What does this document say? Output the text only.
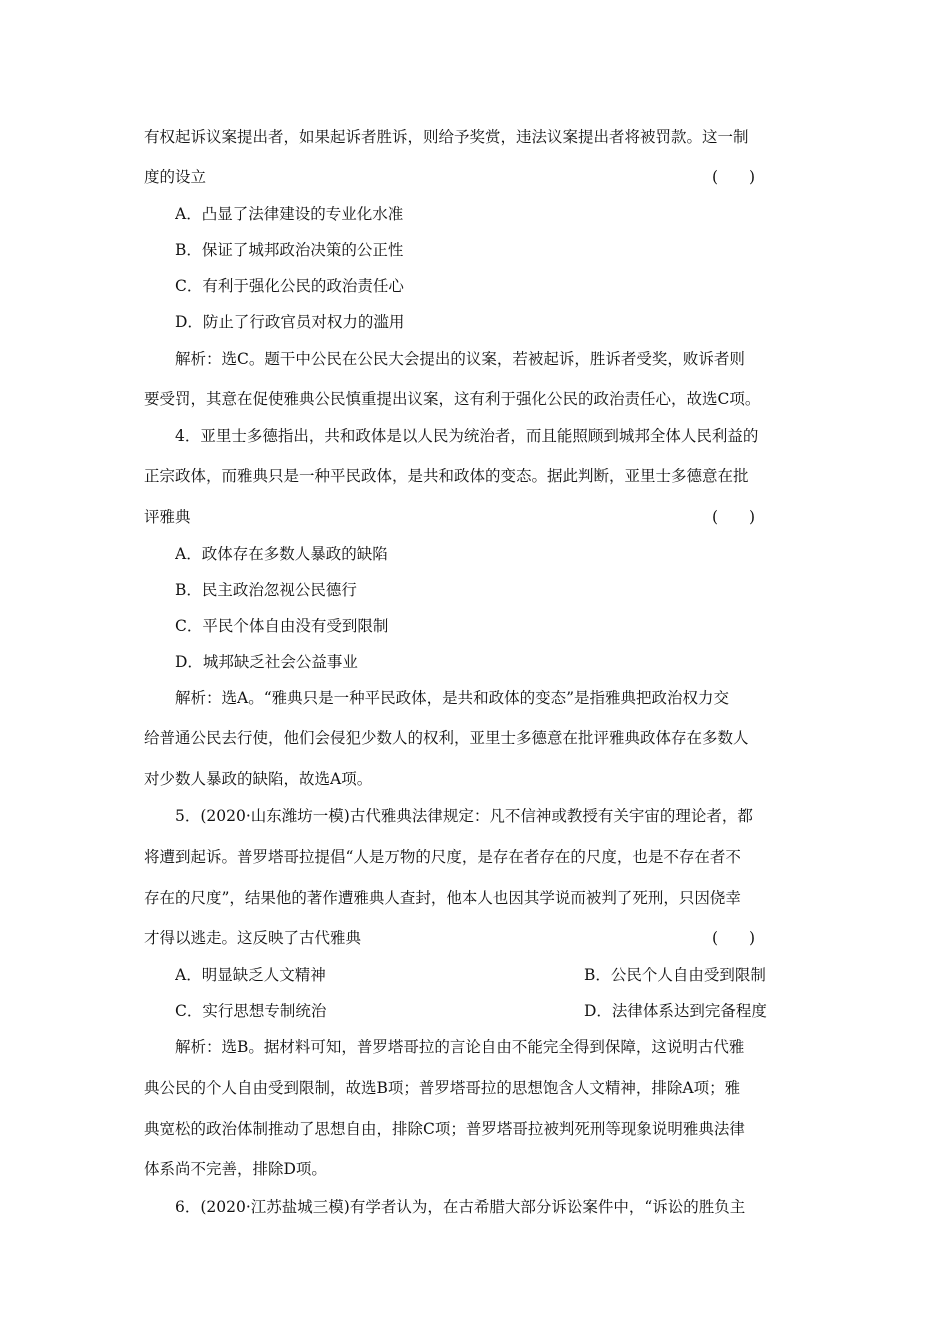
有权起诉议案提出者，如果起诉者胜诉，则给予奖赏，违法议案提出者将被罚款。这一制
度的设立	(　　)
A．凸显了法律建设的专业化水准
B．保证了城邦政治决策的公正性
C．有利于强化公民的政治责任心
D．防止了行政官员对权力的滥用
解析：选C。题干中公民在公民大会提出的议案，若被起诉，胜诉者受奖，败诉者则
要受罚，其意在促使雅典公民慎重提出议案，这有利于强化公民的政治责任心，故选C项。
4．亚里士多德指出，共和政体是以人民为统治者，而且能照顾到城邦全体人民利益的
正宗政体，而雅典只是一种平民政体，是共和政体的变态。据此判断，亚里士多德意在批
评雅典	(　　)
A．政体存在多数人暴政的缺陷
B．民主政治忽视公民德行
C．平民个体自由没有受到限制
D．城邦缺乏社会公益事业
解析：选A。“雅典只是一种平民政体，是共和政体的变态”是指雅典把政治权力交
给普通公民去行使，他们会侵犯少数人的权利，亚里士多德意在批评雅典政体存在多数人
对少数人暴政的缺陷，故选A项。
5．(2020·山东潍坊一模)古代雅典法律规定：凡不信神或教授有关宇宙的理论者，都
将遭到起诉。普罗塔哥拉提倡“人是万物的尺度，是存在者存在的尺度，也是不存在者不
存在的尺度”，结果他的著作遭雅典人查封，他本人也因其学说而被判了死刑，只因侥幸
才得以逃走。这反映了古代雅典	(　　)
A．明显缺乏人文精神	B．公民个人自由受到限制
C．实行思想专制统治	D．法律体系达到完备程度
解析：选B。据材料可知，普罗塔哥拉的言论自由不能完全得到保障，这说明古代雅
典公民的个人自由受到限制，故选B项；普罗塔哥拉的思想饱含人文精神，排除A项；雅
典宽松的政治体制推动了思想自由，排除C项；普罗塔哥拉被判死刑等现象说明雅典法律
体系尚不完善，排除D项。
6．(2020·江苏盐城三模)有学者认为，在古希腊大部分诉讼案件中，“诉讼的胜负主
